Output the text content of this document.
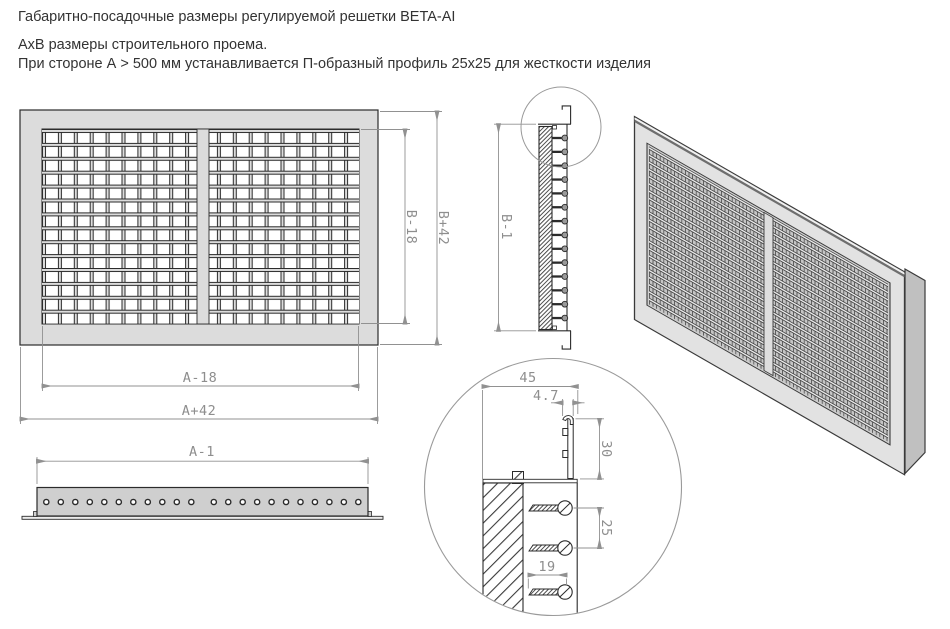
Габаритно-посадочные размеры регулируемой решетки BETA-AI
АхВ размеры строительного проема.
При стороне А > 500 мм устанавливается П-образный профиль 25х25 для жесткости изделия
A-18
A+42
B-18 B+42	B-1
A-1
45
4.7
30
25
19
